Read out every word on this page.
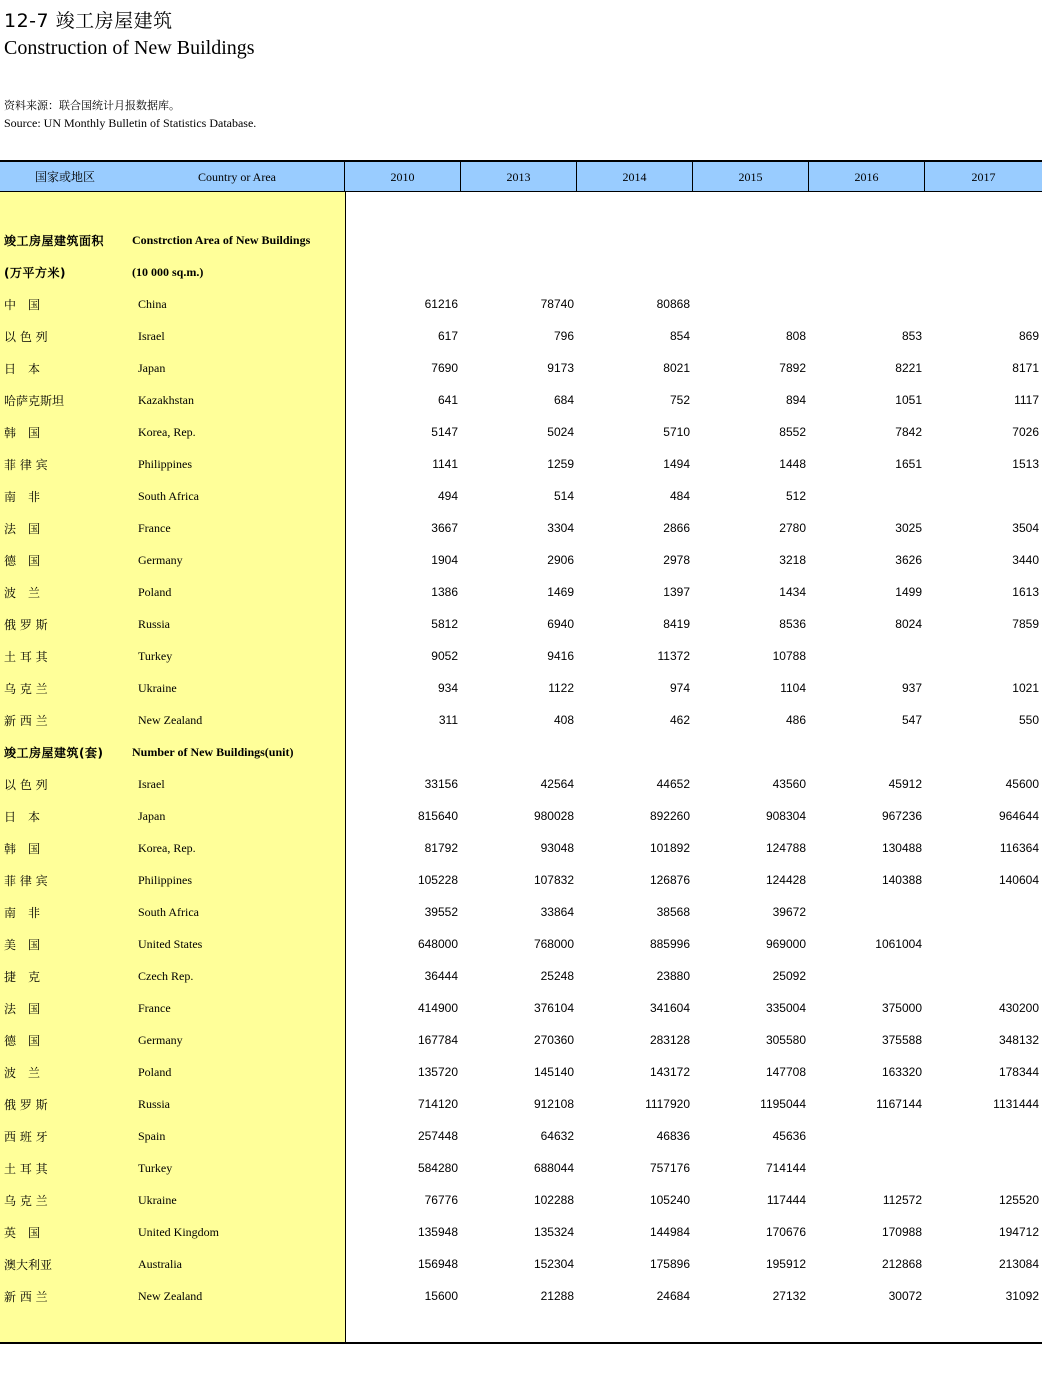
12-7 竣工房屋建筑
Construction of New Buildings
资料来源：联合国统计月报数据库。
Source: UN Monthly Bulletin of Statistics Database.
国家或地区	Country or Area	2010	2013	2014	2015	2016	2017
竣工房屋建筑面积	Constrction Area of New Buildings
(万平方米)	(10 000 sq.m.)
中　国	China	61216	78740	80868
以 色 列	Israel	617	796	854	808	853	869
日　本	Japan	7690	9173	8021	7892	8221	8171
哈萨克斯坦	Kazakhstan	641	684	752	894	1051	1117
韩　国	Korea, Rep.	5147	5024	5710	8552	7842	7026
菲 律 宾	Philippines	1141	1259	1494	1448	1651	1513
南　非	South Africa	494	514	484	512
法　国	France	3667	3304	2866	2780	3025	3504
德　国	Germany	1904	2906	2978	3218	3626	3440
波　兰	Poland	1386	1469	1397	1434	1499	1613
俄 罗 斯	Russia	5812	6940	8419	8536	8024	7859
土 耳 其	Turkey	9052	9416	11372	10788
乌 克 兰	Ukraine	934	1122	974	1104	937	1021
新 西 兰	New Zealand	311	408	462	486	547	550
竣工房屋建筑(套)	Number of New Buildings(unit)
以 色 列	Israel	33156	42564	44652	43560	45912	45600
日　本	Japan	815640	980028	892260	908304	967236	964644
韩　国	Korea, Rep.	81792	93048	101892	124788	130488	116364
菲 律 宾	Philippines	105228	107832	126876	124428	140388	140604
南　非	South Africa	39552	33864	38568	39672
美　国	United States	648000	768000	885996	969000	1061004
捷　克	Czech Rep.	36444	25248	23880	25092
法　国	France	414900	376104	341604	335004	375000	430200
德　国	Germany	167784	270360	283128	305580	375588	348132
波　兰	Poland	135720	145140	143172	147708	163320	178344
俄 罗 斯	Russia	714120	912108	1117920	1195044	1167144	1131444
西 班 牙	Spain	257448	64632	46836	45636
土 耳 其	Turkey	584280	688044	757176	714144
乌 克 兰	Ukraine	76776	102288	105240	117444	112572	125520
英　国	United Kingdom	135948	135324	144984	170676	170988	194712
澳大利亚	Australia	156948	152304	175896	195912	212868	213084
新 西 兰	New Zealand	15600	21288	24684	27132	30072	31092
